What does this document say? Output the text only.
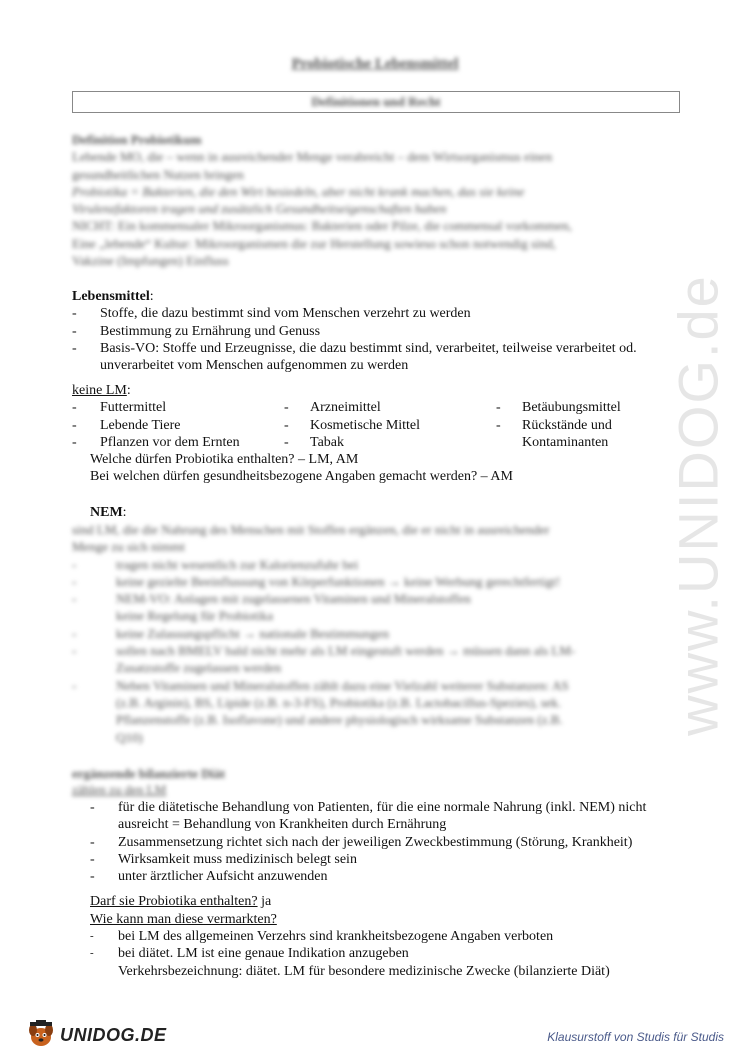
www.UNIDOG.de
Probiotische Lebensmittel
Definitionen und Recht

Definition Probiotikum

Lebende MO, die – wenn in ausreichender Menge verabreicht – dem Wirtsorganismus einen

gesundheitlichen Nutzen bringen

Probiotika = Bakterien, die den Wirt besiedeln, aber nicht krank machen, das sie keine

Virulenzfaktoren tragen und zusätzlich Gesundheitseigenschaften haben

NICHT: Ein kommensaler Mikroorganismus: Bakterien oder Pilze, die commensal vorkommen,

Eine „lebende“ Kultur: Mikroorganismen die zur Herstellung sowieso schon notwendig sind,

Vakzine (Impfungen) Einfluss

Lebensmittel:

- Stoffe, die dazu bestimmt sind vom Menschen verzehrt zu werden
- Bestimmung zu Ernährung und Genuss
- Basis-VO: Stoffe und Erzeugnisse, die dazu bestimmt sind, verarbeitet, teilweise verarbeitet od. unverarbeitet vom Menschen aufgenommen zu werden

keine LM:

- Futtermittel	- Arzneimittel	- Betäubungsmittel
- Lebende Tiere	- Kosmetische Mittel	- Rückstände und
- Pflanzen vor dem Ernten	- Tabak	Kontaminanten

Welche dürfen Probiotika enthalten? – LM, AM

Bei welchen dürfen gesundheitsbezogene Angaben gemacht werden? – AM

NEM:

sind LM, die die Nahrung des Menschen mit Stoffen ergänzen, die er nicht in ausreichender

Menge zu sich nimmt

- tragen nicht wesentlich zur Kalorienzufuhr bei
- keine gezielte Beeinflussung von Körperfunktionen → keine Werbung gerechtfertigt!
- NEM-VO: Anlagen mit zugelassenen Vitaminen und Mineralstoffen

keine Regelung für Probiotika

- keine Zulassungspflicht → nationale Bestimmungen
- sollen nach BMELV bald nicht mehr als LM eingestuft werden → müssen dann als LM-

Zusatzstoffe zugelassen werden

- Neben Vitaminen und Mineralstoffen zählt dazu eine Vielzahl weiterer Substanzen: AS

(z.B. Arginin), BS, Lipide (z.B. n-3-FS), Probiotika (z.B. Lactobacillus-Spezies), sek.

Pflanzenstoffe (z.B. Isoflavone) und andere physiologisch wirksame Substanzen (z.B.

Q10)

ergänzende bilanzierte Diät

zählen zu den LM

- für die diätetische Behandlung von Patienten, für die eine normale Nahrung (inkl. NEM) nicht ausreicht = Behandlung von Krankheiten durch Ernährung
- Zusammensetzung richtet sich nach der jeweiligen Zweckbestimmung (Störung, Krankheit)
- Wirksamkeit muss medizinisch belegt sein
- unter ärztlicher Aufsicht anzuwenden

Darf sie Probiotika enthalten? ja

Wie kann man diese vermarkten?

- bei LM des allgemeinen Verzehrs sind krankheitsbezogene Angaben verboten
- bei diätet. LM ist eine genaue Indikation anzugeben

Verkehrsbezeichnung: diätet. LM für besondere medizinische Zwecke (bilanzierte Diät)

UNIDOG.DE	Klausurstoff von Studis für Studis
